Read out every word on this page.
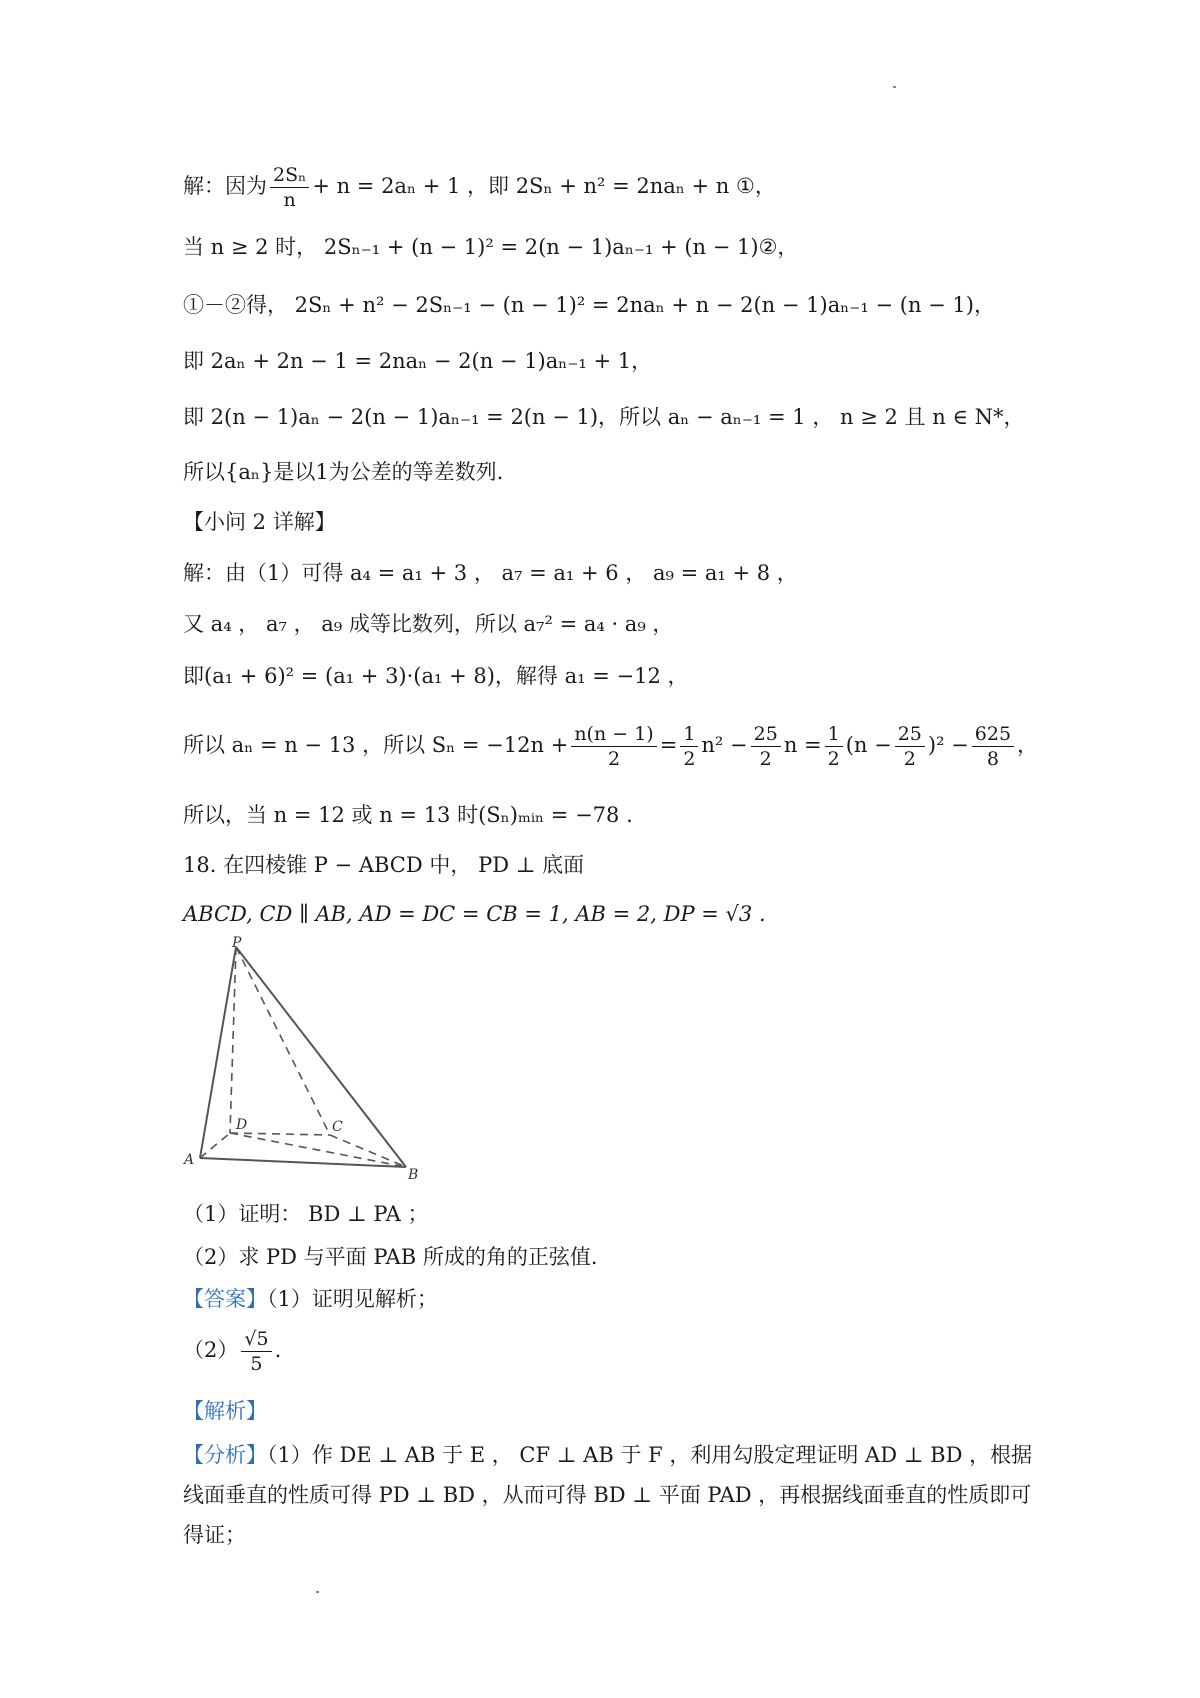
解：因为 $\frac{\text{2Sₙ}}{n} + n = 2a_n + 1$ ，即 2Sₙ + n² = 2naₙ + n ①，
当 n ≥ 2 时， 2Sₙ₋₁ + (n − 1)² = 2(n − 1)aₙ₋₁ + (n − 1)②，
①－②得， 2Sₙ + n² − 2Sₙ₋₁ − (n − 1)² = 2naₙ + n − 2(n − 1)aₙ₋₁ − (n − 1)，
即 2aₙ + 2n − 1 = 2naₙ − 2(n − 1)aₙ₋₁ + 1，
即 2(n − 1)aₙ − 2(n − 1)aₙ₋₁ = 2(n − 1)，所以 aₙ − aₙ₋₁ = 1 ， n ≥ 2 且 n ∈ N*，
所以{aₙ}是以1为公差的等差数列.
【小问 2 详解】
解：由（1）可得 a₄ = a₁ + 3 ， a₇ = a₁ + 6 ， a₉ = a₁ + 8 ，
又 a₄ ， a₇ ， a₉ 成等比数列，所以 a₇² = a₄ · a₉ ，
即(a₁ + 6)² = (a₁ + 3)·(a₁ + 8)，解得 a₁ = −12 ，
所以 aₙ = n − 13 ，所以 $S_n = -12n + \frac{n(n - 1)}{2} = \frac{1}{2} n^2 - \frac{25}{2}$ $n = \frac{1}{2} (n - \frac{25}{2} )^2 - \frac{625}{8}$ ，
所以，当 n = 12 或 n = 13 时(Sₙ)ₘᵢₙ = −78 .
18. 在四棱锥 P − ABCD 中， PD ⊥ 底面
ABCD, CD ∥ AB, AD = DC = CB = 1, AB = 2, DP = √3 .
P
A
B
C
D
（1）证明： BD ⊥ PA ；
（2）求 PD 与平面 PAB 所成的角的正弦值.
【答案】（1）证明见解析；
$(2) \frac{√5}{5}$ .
【解析】
【分析】（1）作 DE ⊥ AB 于 E ， CF ⊥ AB 于 F ，利用勾股定理证明 AD ⊥ BD ，根据线面垂直的性质可得 PD ⊥ BD ，从而可得 BD ⊥ 平面 PAD ，再根据线面垂直的性质即可得证；
